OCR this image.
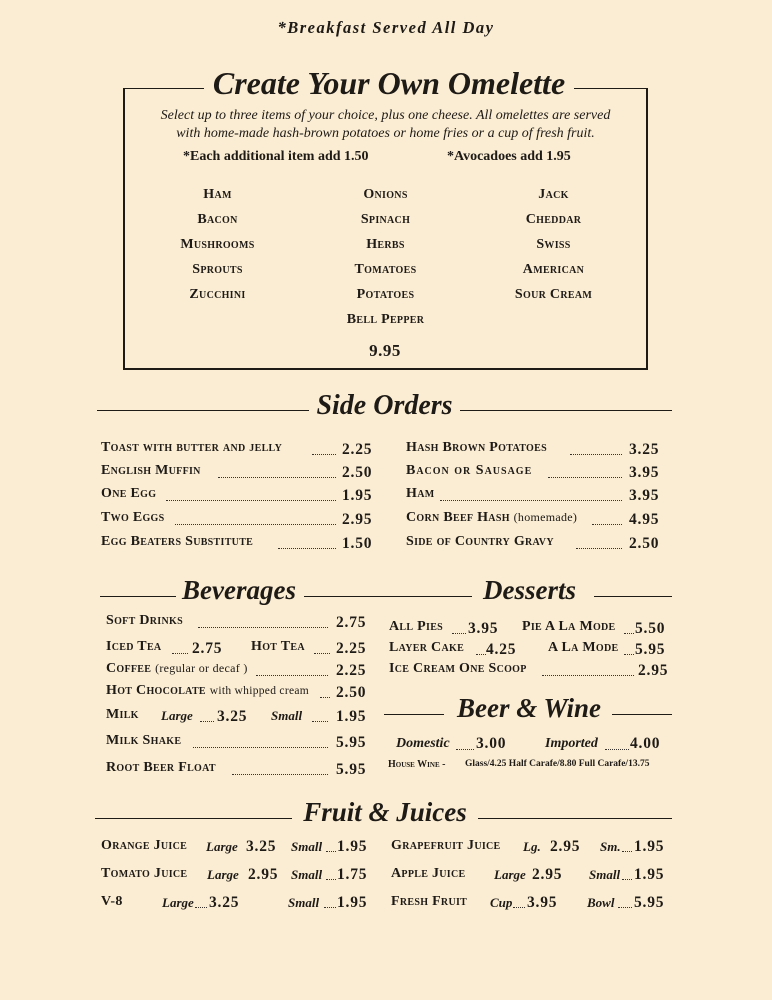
*Breakfast Served All Day
Create Your Own Omelette
Select up to three items of your choice, plus one cheese. All omelettes are served
with home-made hash-brown potatoes or home fries or a cup of fresh fruit.
*Each additional item add 1.50	*Avocadoes add 1.95
Ham
Bacon
Mushrooms
Sprouts
Zucchini
Onions
Spinach
Herbs
Tomatoes
Potatoes
Bell Pepper
Jack
Cheddar
Swiss
American
Sour Cream
9.95
Side Orders
Toast with butter and jelly	2.25
English Muffin	2.50
One Egg	1.95
Two Eggs	2.95
Egg Beaters Substitute	1.50
Hash Brown Potatoes	3.25
Bacon or Sausage	3.95
Ham	3.95
Corn Beef Hash (homemade)	4.95
Side of Country Gravy	2.50
Beverages	Desserts
Soft Drinks	2.75
Iced Tea 2.75 Hot Tea 2.25
Coffee (regular or decaf )	2.25
Hot Chocolate with whipped cream 2.50
Milk Large 3.25 Small 1.95
Milk Shake	5.95
Root Beer Float	5.95
All Pies 3.95 Pie A La Mode 5.50
Layer Cake 4.25 A La Mode 5.95
Ice Cream One Scoop	2.95
Beer & Wine
Domestic 3.00	Imported 4.00
House Wine - Glass/4.25 Half Carafe/8.80 Full Carafe/13.75
Fruit & Juices
Orange Juice Large 3.25 Small 1.95
Tomato Juice Large 2.95 Small 1.75
V-8	Large 3.25	Small 1.95
Grapefruit Juice Lg. 2.95 Sm. 1.95
Apple Juice Large 2.95 Small 1.95
Fresh Fruit Cup 3.95 Bowl 5.95
